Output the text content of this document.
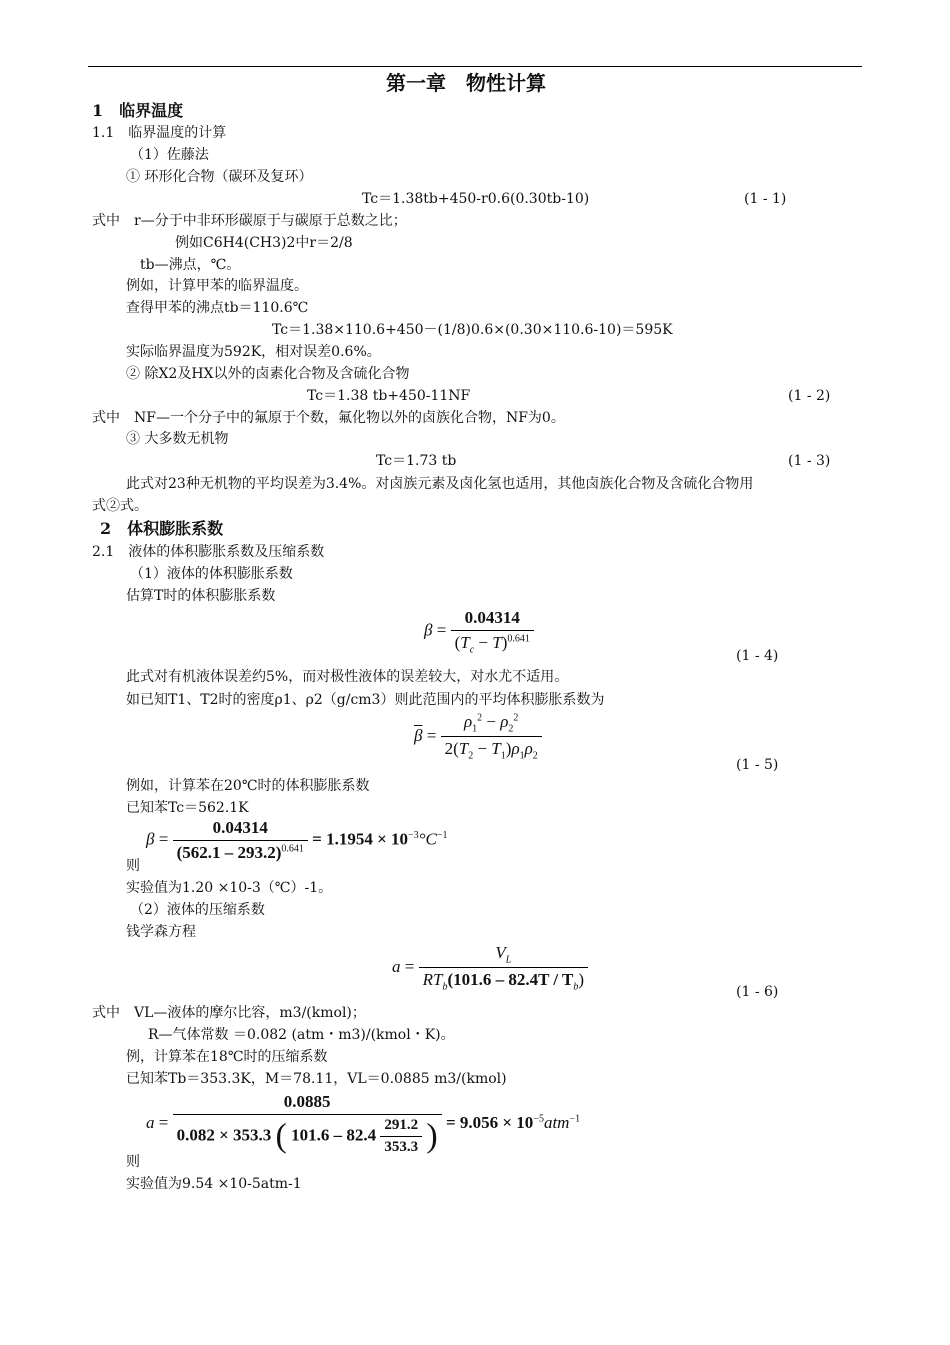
第一章　物性计算
1　临界温度
1.1　临界温度的计算
（1）佐藤法
① 环形化合物（碳环及复环）
Tc＝1.38tb+450-r0.6(0.30tb-10)	(1 - 1)
式中　r—分于中非环形碳原于与碳原于总数之比；
例如C6H4(CH3)2中r＝2/8
tb—沸点，℃。
例如，计算甲苯的临界温度。
查得甲苯的沸点tb＝110.6℃
Tc＝1.38×110.6+450－(1/8)0.6×(0.30×110.6-10)＝595K
实际临界温度为592K，相对误差0.6%。
② 除X2及HX以外的卤素化合物及含硫化合物
Tc＝1.38 tb+450-11NF	(1 - 2)
式中　NF—一个分子中的氟原于个数，氟化物以外的卤族化合物，NF为0。
③ 大多数无机物
Tc＝1.73 tb	(1 - 3)
此式对23种无机物的平均误差为3.4%。对卤族元素及卤化氢也适用，其他卤族化合物及含硫化合物用
式②式。
2　体积膨胀系数
2.1　液体的体积膨胀系数及压缩系数
（1）液体的体积膨胀系数
估算T时的体积膨胀系数
$\beta = \frac{0.04314}{(T_c - T)^{0.641}}$
(1 - 4)
此式对有机液体误差约5%，而对极性液体的误差较大，对水尤不适用。
如已知T1、T2时的密度ρ1、ρ2（g/cm3）则此范围内的平均体积膨胀系数为
$\overline{\beta} = \frac{\rho_1^2 - \rho_2^2}{2(T_2 - T_1)\rho_1\rho_2}$
(1 - 5)
例如，计算苯在20℃时的体积膨胀系数
已知苯Tc＝562.1K
$\beta = \frac{0.04314}{(562.1 - 293.2)^{0.641}} = 1.1954 \times 10^{-3}^\circ C^{-1}$
则
实验值为1.20 ×10-3（℃）-1。
（2）液体的压缩系数
钱学森方程
$a = \frac{V_L}{RT_b(101.6 - 82.4T / T_b)}$	(1 - 6)
式中　VL—液体的摩尔比容，m3/(kmol)；
R—气体常数 ＝0.082 (atm・m3)/(kmol・K)。
例，计算苯在18℃时的压缩系数
已知苯Tb＝353.3K，M＝78.11，VL＝0.0885 m3/(kmol)
a =
0.0885
0.082 × 353.3 ( $101.6 - 82.4 \frac{291.2}{353.3}$ ) = $9.056 \times 10^{-5}atm^{-1}$
则
实验值为9.54 ×10-5atm-1
